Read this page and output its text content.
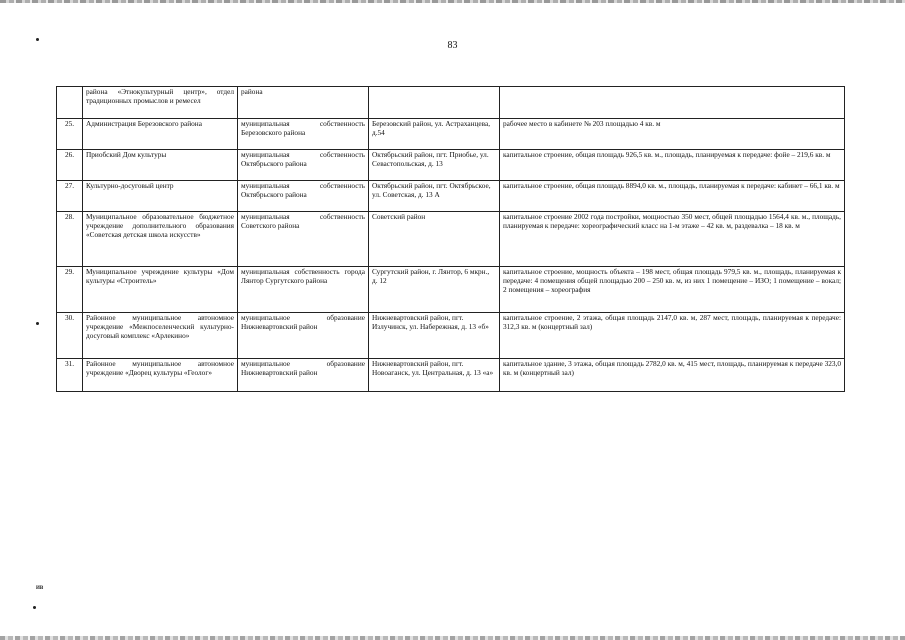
83
ИВ
	района «Этнокультурный центр», отдел традиционных промыслов и ремесел	района		
25.	Администрация Березовского района	муниципальная собственность Березовского района	Березовский район, ул. Астраханцева, д.54	рабочее место в кабинете № 203 площадью 4 кв. м
26.	Приобский Дом культуры	муниципальная собственность Октябрьского района	Октябрьский район, пгт. Приобье, ул. Севастопольская, д. 13	капитальное строение, общая площадь 926,5 кв. м., площадь, планируемая к передаче: фойе – 219,6 кв. м
27.	Культурно-досуговый центр	муниципальная собственность Октябрьского района	Октябрьский район, пгт. Октябрьское, ул. Советская, д. 13 А	капитальное строение, общая площадь 8894,0 кв. м., площадь, планируемая к передаче: кабинет – 66,1 кв. м
28.	Муниципальное образовательное бюджетное учреждение дополнительного образования «Советская детская школа искусств»	муниципальная собственность Советского района	Советский район	капитальное строение 2002 года постройки, мощностью 350 мест, общей площадью 1564,4 кв. м., площадь, планируемая к передаче: хореографический класс на 1-м этаже – 42 кв. м, раздевалка – 18 кв. м
29.	Муниципальное учреждение культуры «Дом культуры «Строитель»	муниципальная собственность города Лянтор Сургутского района	Сургутский район, г. Лянтор, 6 мкрн., д. 12	капитальное строение, мощность объекта – 198 мест, общая площадь 979,5 кв. м., площадь, планируемая к передаче: 4 помещения общей площадью 200 – 250 кв. м, из них 1 помещение – ИЗО; 1 помещение – вокал; 2 помещения – хореография
30.	Районное муниципальное автономное учреждение «Межпоселенческий культурно-досуговый комплекс «Арлекино»	муниципальное образование Нижневартовский район	Нижневартовский район, пгт. Излучинск, ул. Набережная, д. 13 «б»	капитальное строение, 2 этажа, общая площадь 2147,0 кв. м, 287 мест, площадь, планируемая к передаче: 312,3 кв. м (концертный зал)
31.	Районное муниципальное автономное учреждение «Дворец культуры «Геолог»	муниципальное образование Нижневартовский район	Нижневартовский район, пгт. Новоаганск, ул. Центральная, д. 13 «а»	капитальное здание, 3 этажа, общая площадь 2782,0 кв. м, 415 мест, площадь, планируемая к передаче 323,0 кв. м (концертный зал)
